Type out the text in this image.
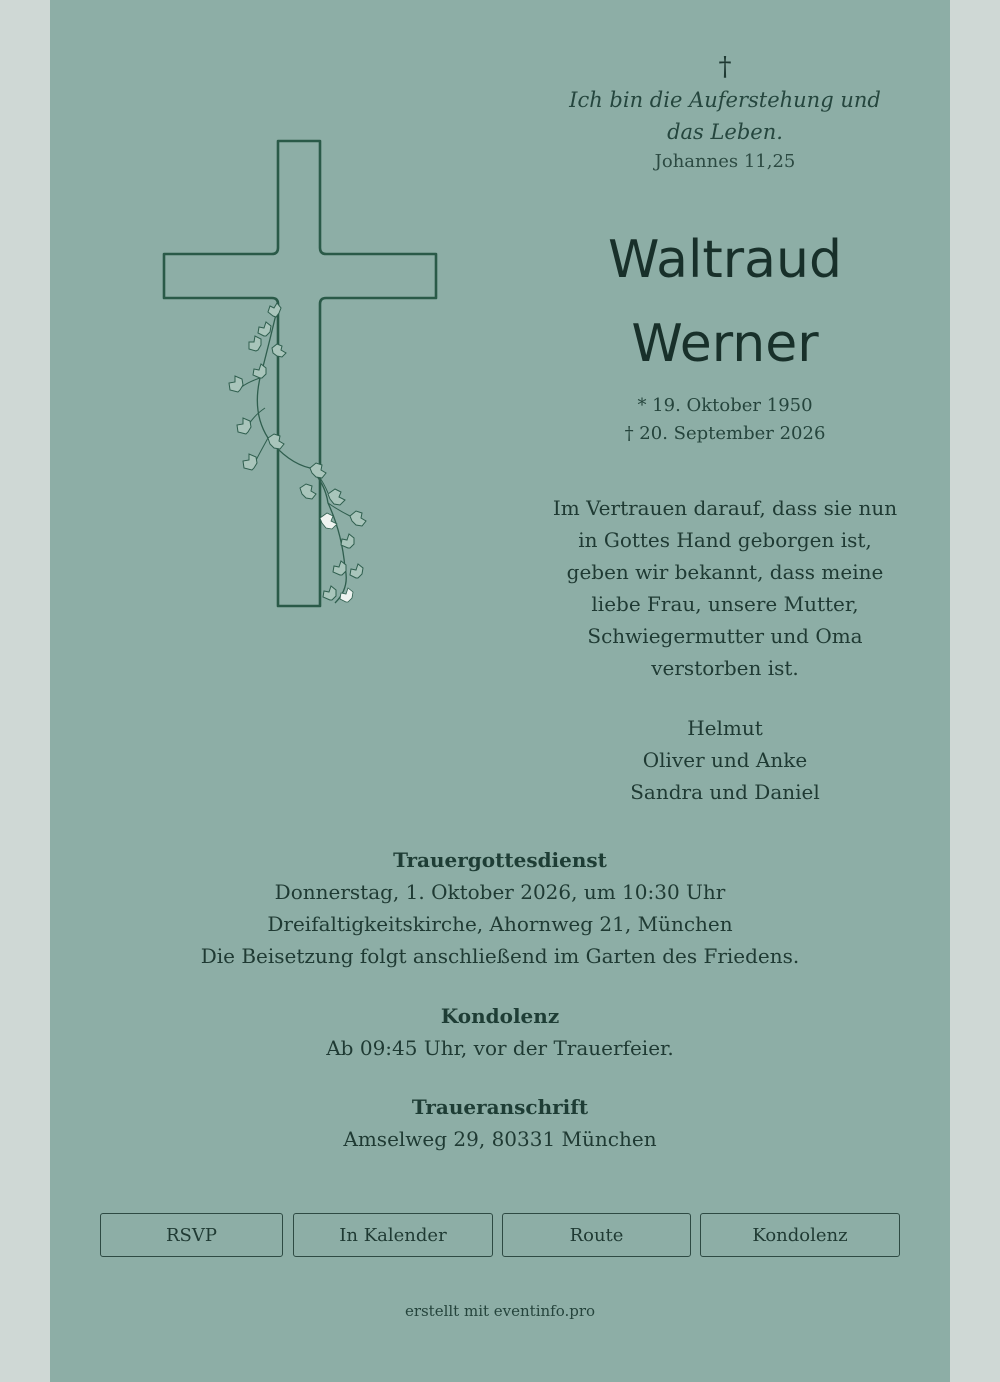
†
Ich bin die Auferstehung und das Leben.
Johannes 11,25
Waltraud
Werner
* 19. Oktober 1950
† 20. September 2026
Im Vertrauen darauf, dass sie nun
in Gottes Hand geborgen ist,
geben wir bekannt, dass meine
liebe Frau, unsere Mutter,
Schwiegermutter und Oma
verstorben ist.
Helmut
Oliver und Anke
Sandra und Daniel
Trauergottesdienst
Donnerstag, 1. Oktober 2026, um 10:30 Uhr
Dreifaltigkeitskirche, Ahornweg 21, München
Die Beisetzung folgt anschließend im Garten des Friedens.
Kondolenz
Ab 09:45 Uhr, vor der Trauerfeier.
Traueranschrift
Amselweg 29, 80331 München
RSVP	In Kalender	Route	Kondolenz
erstellt mit eventinfo.pro
